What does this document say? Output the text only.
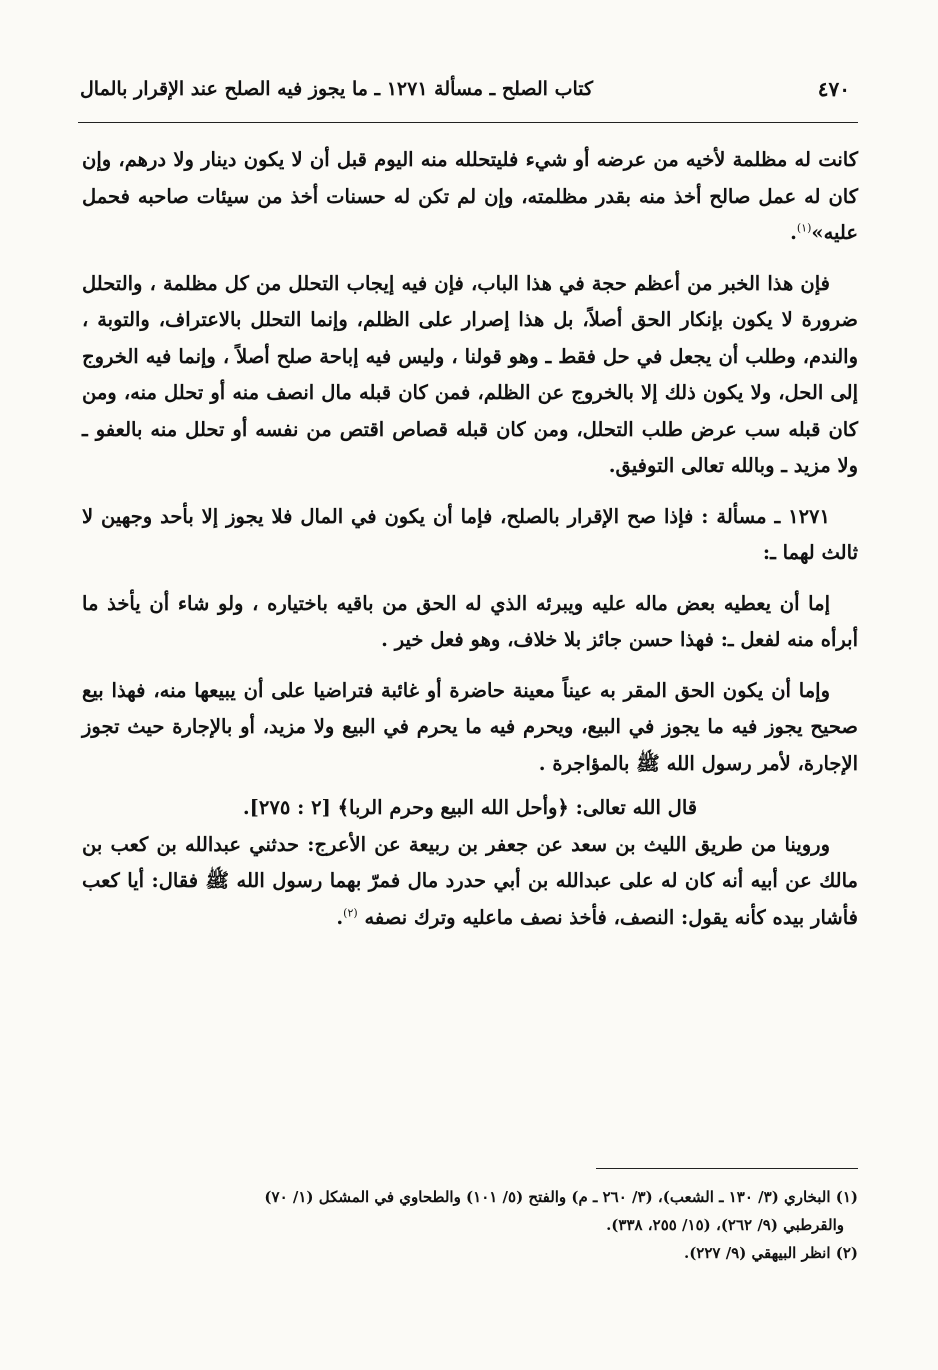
٤٧٠
كتاب الصلح ـ مسألة ١٢٧١ ـ ما يجوز فيه الصلح عند الإقرار بالمال

كانت له مظلمة لأخيه من عرضه أو شيء فليتحلله منه اليوم قبل أن لا يكون دينار ولا درهم، وإن كان له عمل صالح أخذ منه بقدر مظلمته، وإن لم تكن له حسنات أخذ من سيئات صاحبه فحمل عليه»$^{(١)}$.

فإن هذا الخبر من أعظم حجة في هذا الباب، فإن فيه إيجاب التحلل من كل مظلمة ، والتحلل ضرورة لا يكون بإنكار الحق أصلاً، بل هذا إصرار على الظلم، وإنما التحلل بالاعتراف، والتوبة ، والندم، وطلب أن يجعل في حل فقط ـ وهو قولنا ، وليس فيه إباحة صلح أصلاً ، وإنما فيه الخروج إلى الحل، ولا يكون ذلك إلا بالخروج عن الظلم، فمن كان قبله مال انصف منه أو تحلل منه، ومن كان قبله سب عرض طلب التحلل، ومن كان قبله قصاص اقتص من نفسه أو تحلل منه بالعفو ـ ولا مزيد ـ وبالله تعالى التوفيق.

١٢٧١ ـ مسألة : فإذا صح الإقرار بالصلح، فإما أن يكون في المال فلا يجوز إلا بأحد وجهين لا ثالث لهما ـ:

إما أن يعطيه بعض ماله عليه ويبرئه الذي له الحق من باقيه باختياره ، ولو شاء أن يأخذ ما أبرأه منه لفعل ـ: فهذا حسن جائز بلا خلاف، وهو فعل خير .

وإما أن يكون الحق المقر به عيناً معينة حاضرة أو غائبة فتراضيا على أن يبيعها منه، فهذا بيع صحيح يجوز فيه ما يجوز في البيع، ويحرم فيه ما يحرم في البيع ولا مزيد، أو بالإجارة حيث تجوز الإجارة، لأمر رسول الله ﷺ بالمؤاجرة .

قال الله تعالى: ﴿وأحل الله البيع وحرم الربا﴾ [٢ : ٢٧٥].

وروينا من طريق الليث بن سعد عن جعفر بن ربيعة عن الأعرج: حدثني عبدالله بن كعب بن مالك عن أبيه أنه كان له على عبدالله بن أبي حدرد مال فمرّ بهما رسول الله ﷺ فقال: أيا كعب فأشار بيده كأنه يقول: النصف، فأخذ نصف ماعليه وترك نصفه $^{(٢)}$.

(١) البخاري (٣/ ١٣٠ ـ الشعب)، (٣/ ٢٦٠ ـ م) والفتح (٥/ ١٠١) والطحاوي في المشكل (١/ ٧٠)

والقرطبي (٩/ ٢٦٢)، (١٥/ ٢٥٥، ٣٣٨).

(٢) انظر البيهقي (٩/ ٢٢٧).
